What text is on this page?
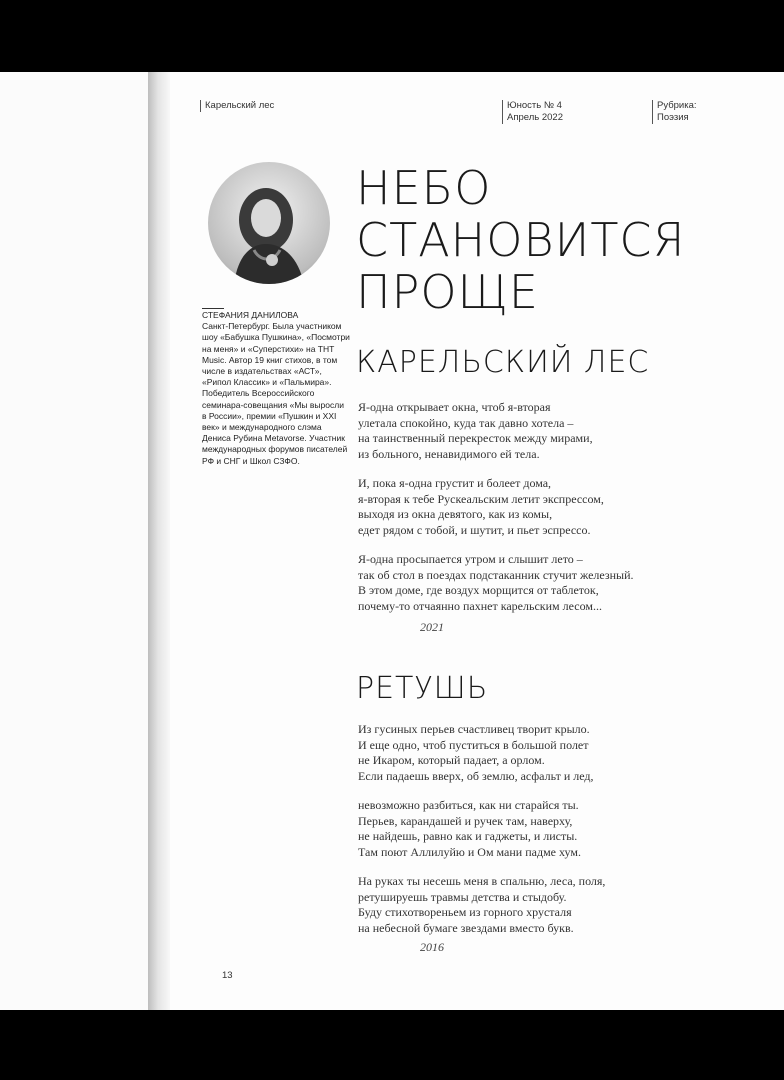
Карельский лес	Юность № 4
Апрель 2022
Рубрика:
Поэзия
СТЕФАНИЯ ДАНИЛОВА
Санкт-Петербург. Была участником шоу «Бабушка Пушкина», «Посмотри на меня» и «Суперстихи» на ТНТ Music. Автор 19 книг стихов, в том числе в издательствах «АСТ», «Рипол Классик» и «Пальмира». Победитель Всероссийского семинара-совещания «Мы выросли в России», премии «Пушкин и XXI век» и международного слэма Дениса Рубина Metavorse. Участник международных форумов писателей РФ и СНГ и Школ СЗФО.
НЕБО
СТАНОВИТСЯ
ПРОЩЕ
КАРЕЛЬСКИЙ ЛЕС
Я-одна открывает окна, чтоб я-вторая
улетала спокойно, куда так давно хотела –
на таинственный перекресток между мирами,
из больного, ненавидимого ей тела.
И, пока я-одна грустит и болеет дома,
я-вторая к тебе Рускеальским летит экспрессом,
выходя из окна девятого, как из комы,
едет рядом с тобой, и шутит, и пьет эспрессо.
Я-одна просыпается утром и слышит лето –
так об стол в поездах подстаканник стучит железный.
В этом доме, где воздух морщится от таблеток,
почему-то отчаянно пахнет карельским лесом...
2021
РЕТУШЬ
Из гусиных перьев счастливец творит крыло.
И еще одно, чтоб пуститься в большой полет
не Икаром, который падает, а орлом.
Если падаешь вверх, об землю, асфальт и лед,
невозможно разбиться, как ни старайся ты.
Перьев, карандашей и ручек там, наверху,
не найдешь, равно как и гаджеты, и листы.
Там поют Аллилуйю и Ом мани падме хум.
На руках ты несешь меня в спальню, леса, поля,
ретушируешь травмы детства и стыдобу.
Буду стихотвореньем из горного хрусталя
на небесной бумаге звездами вместо букв.
2016
13
